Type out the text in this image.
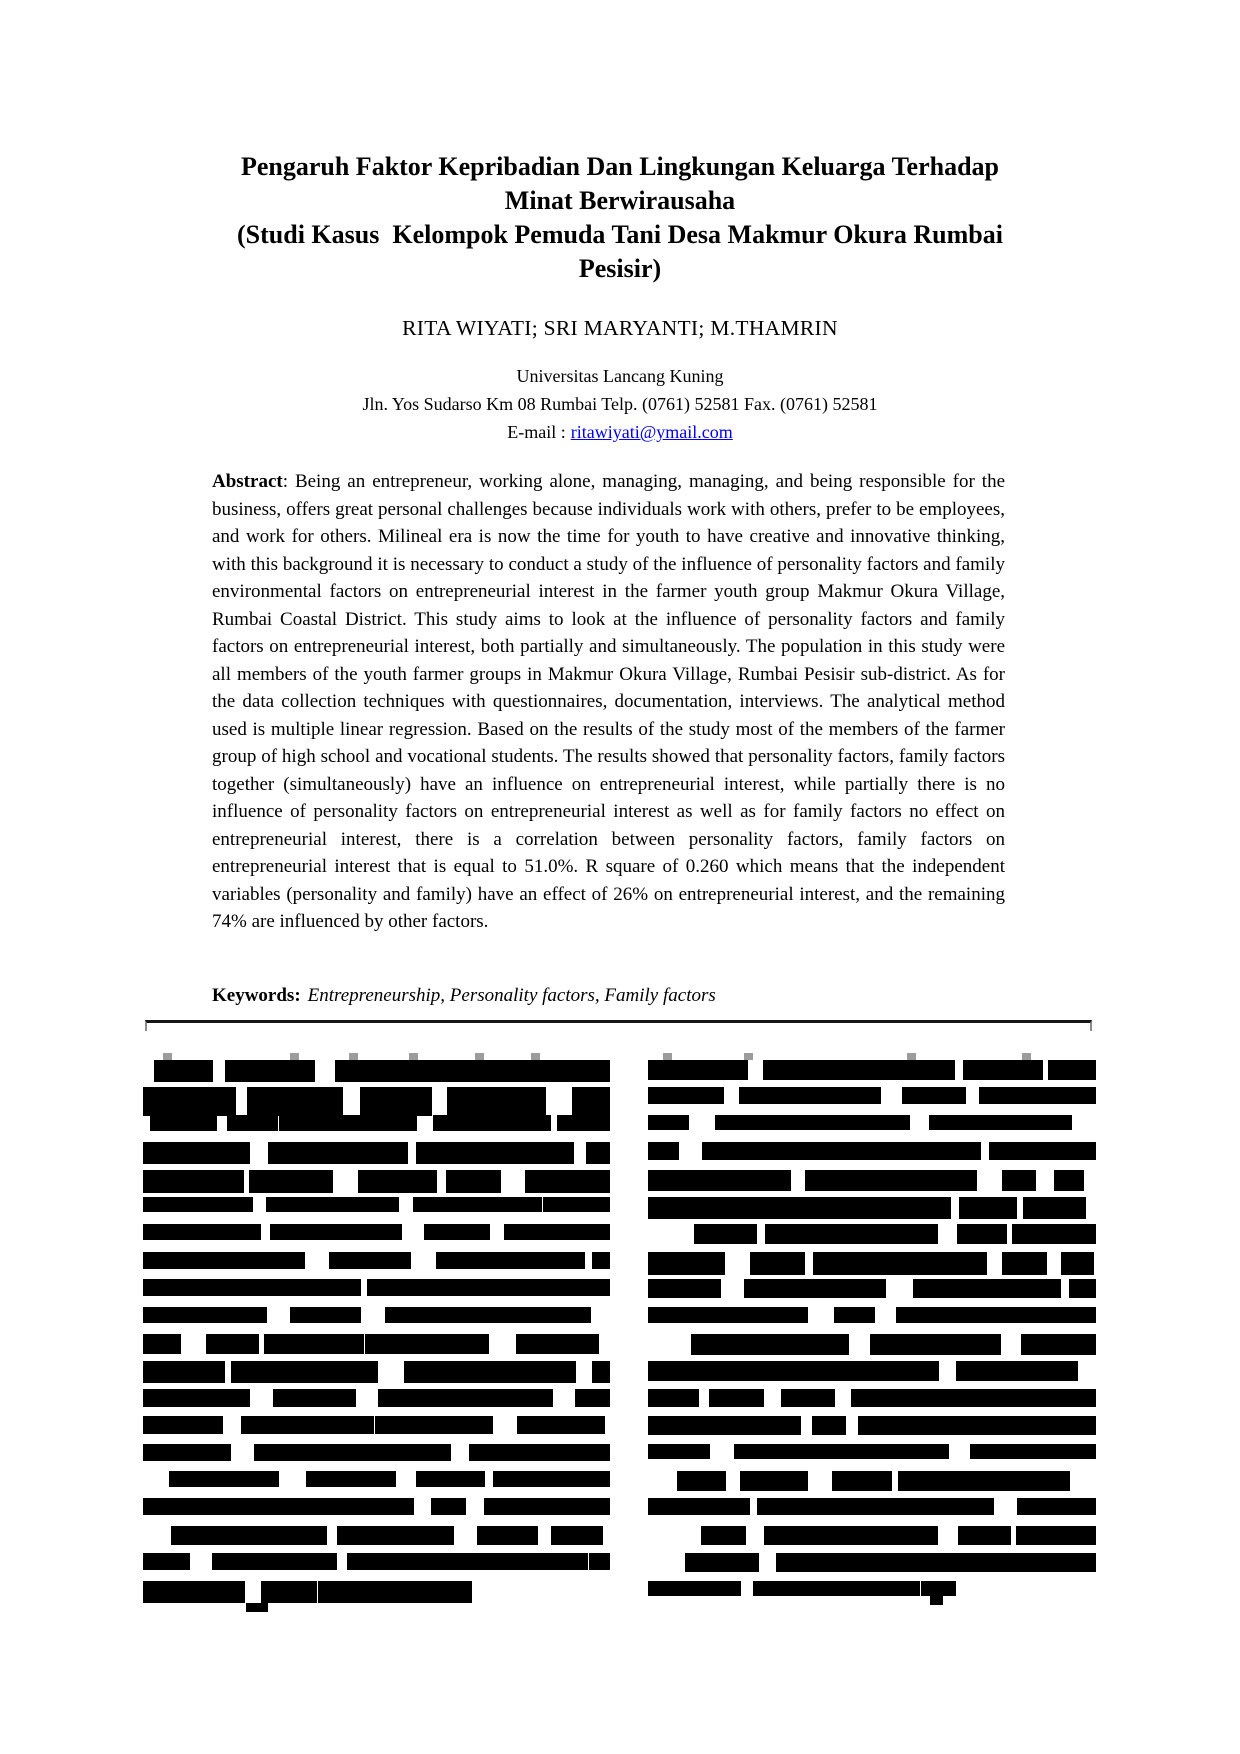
Pengaruh Faktor Kepribadian Dan Lingkungan Keluarga Terhadap
Minat Berwirausaha
(Studi Kasus  Kelompok Pemuda Tani Desa Makmur Okura Rumbai
Pesisir)
RITA WIYATI; SRI MARYANTI; M.THAMRIN
Universitas Lancang Kuning
Jln. Yos Sudarso Km 08 Rumbai Telp. (0761) 52581 Fax. (0761) 52581
E-mail : ritawiyati@ymail.com
Abstract: Being an entrepreneur, working alone, managing, managing, and being responsible for the business, offers great personal challenges because individuals work with others, prefer to be employees, and work for others. Milineal era is now the time for youth to have creative and innovative thinking, with this background it is necessary to conduct a study of the influence of personality factors and family environmental factors on entrepreneurial interest in the farmer youth group Makmur Okura Village, Rumbai Coastal District. This study aims to look at the influence of personality factors and family factors on entrepreneurial interest, both partially and simultaneously. The population in this study were all members of the youth farmer groups in Makmur Okura Village, Rumbai Pesisir sub-district. As for the data collection techniques with questionnaires, documentation, interviews. The analytical method used is multiple linear regression. Based on the results of the study most of the members of the farmer group of high school and vocational students. The results showed that personality factors, family factors together (simultaneously) have an influence on entrepreneurial interest, while partially there is no influence of personality factors on entrepreneurial interest as well as for family factors no effect on entrepreneurial interest, there is a correlation between personality factors, family factors on entrepreneurial interest that is equal to 51.0%. R square of 0.260 which means that the independent variables (personality and family) have an effect of 26% on entrepreneurial interest, and the remaining 74% are influenced by other factors.
Keywords: Entrepreneurship, Personality factors, Family factors
